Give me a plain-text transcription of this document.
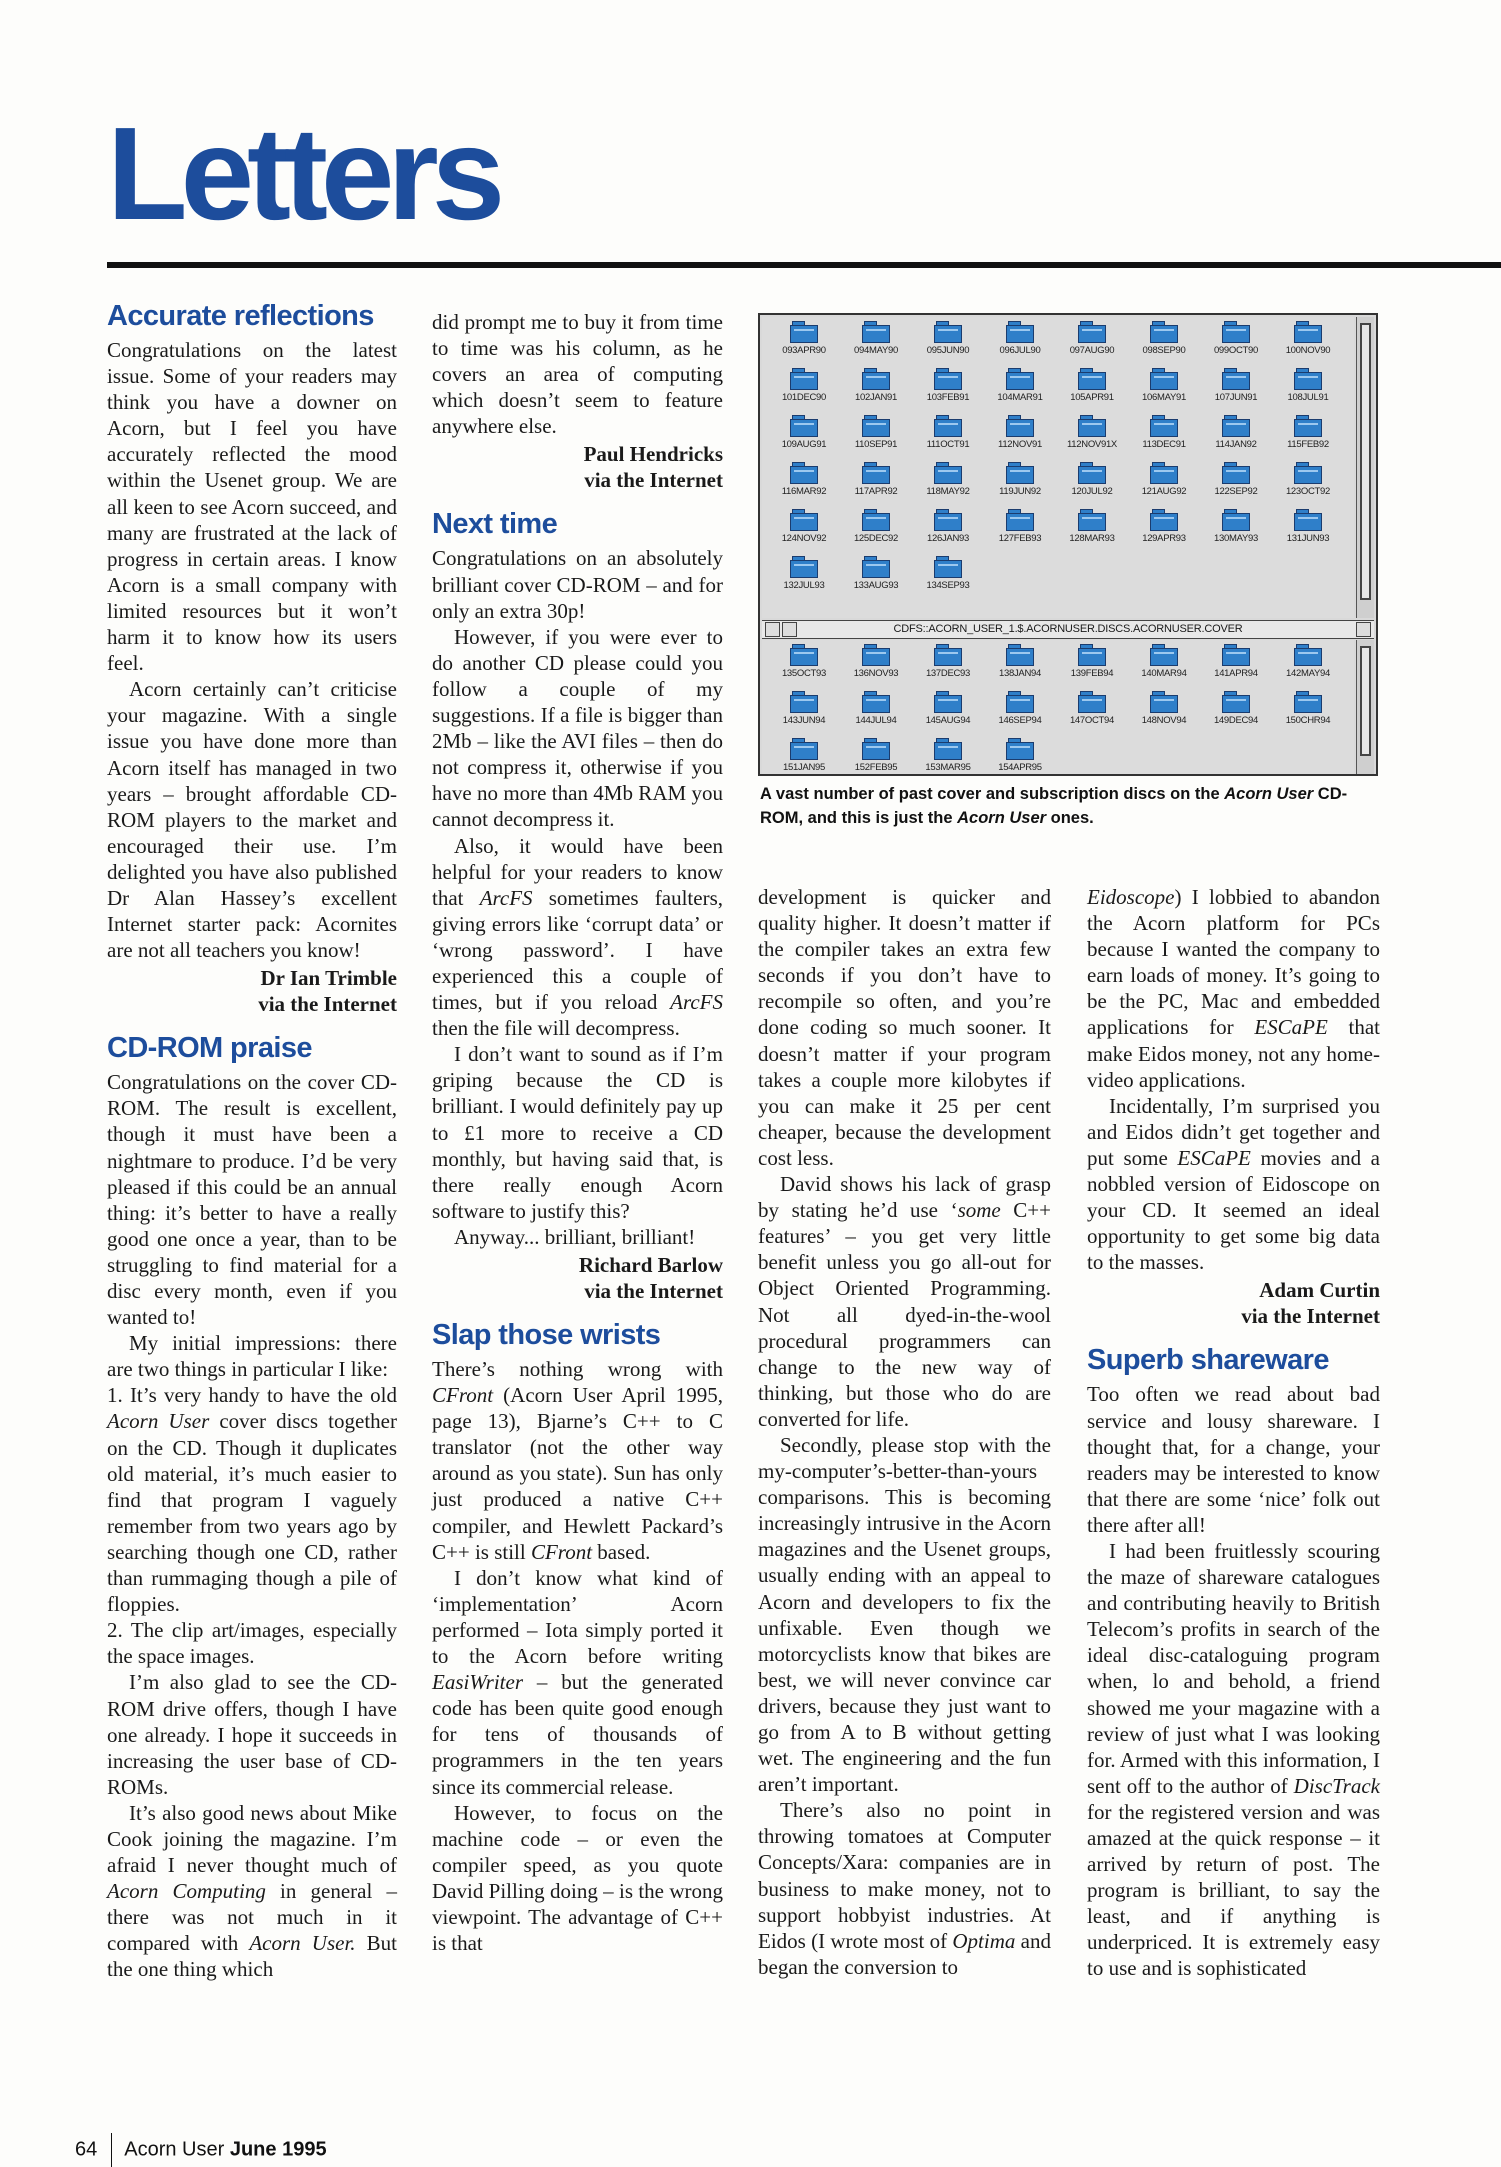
Letters
Accurate reflections

Congratulations on the latest issue. Some of your readers may think you have a downer on Acorn, but I feel you have accurately reflected the mood within the Usenet group. We are all keen to see Acorn succeed, and many are frustrated at the lack of progress in certain areas. I know Acorn is a small company with limited resources but it won’t harm it to know how its users feel.

Acorn certainly can’t criticise your magazine. With a single issue you have done more than Acorn itself has managed in two years – brought affordable CD-ROM players to the market and encouraged their use. I’m delighted you have also published Dr Alan Hassey’s excellent Internet starter pack: Acornites are not all teachers you know!

Dr Ian Trimble
via the Internet
CD-ROM praise

Congratulations on the cover CD-ROM. The result is excellent, though it must have been a nightmare to produce. I’d be very pleased if this could be an annual thing: it’s better to have a really good one once a year, than to be struggling to find material for a disc every month, even if you wanted to!

My initial impressions: there are two things in particular I like:

1. It’s very handy to have the old Acorn User cover discs together on the CD. Though it duplicates old material, it’s much easier to find that program I vaguely remember from two years ago by searching though one CD, rather than rummaging though a pile of floppies.

2. The clip art/images, especially the space images.

I’m also glad to see the CD-ROM drive offers, though I have one already. I hope it succeeds in increasing the user base of CD-ROMs.

It’s also good news about Mike Cook joining the magazine. I’m afraid I never thought much of Acorn Computing in general – there was not much in it compared with Acorn User. But the one thing which

did prompt me to buy it from time to time was his column, as he covers an area of computing which doesn’t seem to feature anywhere else.

Paul Hendricks
via the Internet
Next time

Congratulations on an absolutely brilliant cover CD-ROM – and for only an extra 30p!

However, if you were ever to do another CD please could you follow a couple of my suggestions. If a file is bigger than 2Mb – like the AVI files – then do not compress it, otherwise if you have no more than 4Mb RAM you cannot decompress it.

Also, it would have been helpful for your readers to know that ArcFS sometimes faulters, giving errors like ‘corrupt data’ or ‘wrong password’. I have experienced this a couple of times, but if you reload ArcFS then the file will decompress.

I don’t want to sound as if I’m griping because the CD is brilliant. I would definitely pay up to £1 more to receive a CD monthly, but having said that, is there really enough Acorn software to justify this?

Anyway... brilliant, brilliant!

Richard Barlow
via the Internet
Slap those wrists

There’s nothing wrong with CFront (Acorn User April 1995, page 13), Bjarne’s C++ to C translator (not the other way around as you state). Sun has only just produced a native C++ compiler, and Hewlett Packard’s C++ is still CFront based.

I don’t know what kind of ‘implementation’ Acorn performed – Iota simply ported it to the Acorn before writing EasiWriter – but the generated code has been quite good enough for tens of thousands of programmers in the ten years since its commercial release.

However, to focus on the machine code – or even the compiler speed, as you quote David Pilling doing – is the wrong viewpoint. The advantage of C++ is that

093APR90	094MAY90	095JUN90	096JUL90	097AUG90	098SEP90	099OCT90	100NOV90
101DEC90	102JAN91	103FEB91	104MAR91	105APR91	106MAY91	107JUN91	108JUL91
109AUG91	110SEP91	111OCT91	112NOV91	112NOV91X	113DEC91	114JAN92	115FEB92
116MAR92	117APR92	118MAY92	119JUN92	120JUL92	121AUG92	122SEP92	123OCT92
124NOV92	125DEC92	126JAN93	127FEB93	128MAR93	129APR93	130MAY93	131JUN93
132JUL93	133AUG93	134SEP93
CDFS::ACORN_USER_1.$.ACORNUSER.DISCS.ACORNUSER.COVER
135OCT93	136NOV93	137DEC93	138JAN94	139FEB94	140MAR94	141APR94	142MAY94
143JUN94	144JUL94	145AUG94	146SEP94	147OCT94	148NOV94	149DEC94	150CHR94
151JAN95	152FEB95	153MAR95	154APR95
A vast number of past cover and subscription discs on the Acorn User CD-ROM, and this is just the Acorn User ones.

development is quicker and quality higher. It doesn’t matter if the compiler takes an extra few seconds if you don’t have to recompile so often, and you’re done coding so much sooner. It doesn’t matter if your program takes a couple more kilobytes if you can make it 25 per cent cheaper, because the development cost less.

David shows his lack of grasp by stating he’d use ‘some C++ features’ – you get very little benefit unless you go all-out for Object Oriented Programming. Not all dyed-in-the-wool procedural programmers can change to the new way of thinking, but those who do are converted for life.

Secondly, please stop with the my-computer’s-better-than-yours comparisons. This is becoming increasingly intrusive in the Acorn magazines and the Usenet groups, usually ending with an appeal to Acorn and developers to fix the unfixable. Even though we motorcyclists know that bikes are best, we will never convince car drivers, because they just want to go from A to B without getting wet. The engineering and the fun aren’t important.

There’s also no point in throwing tomatoes at Computer Concepts/Xara: companies are in business to make money, not to support hobbyist industries. At Eidos (I wrote most of Optima and began the conversion to

Eidoscope) I lobbied to abandon the Acorn platform for PCs because I wanted the company to earn loads of money. It’s going to be the PC, Mac and embedded applications for ESCaPE that make Eidos money, not any home-video applications.

Incidentally, I’m surprised you and Eidos didn’t get together and put some ESCaPE movies and a nobbled version of Eidoscope on your CD. It seemed an ideal opportunity to get some big data to the masses.

Adam Curtin
via the Internet
Superb shareware

Too often we read about bad service and lousy shareware. I thought that, for a change, your readers may be interested to know that there are some ‘nice’ folk out there after all!

I had been fruitlessly scouring the maze of shareware catalogues and contributing heavily to British Telecom’s profits in search of the ideal disc-cataloguing program when, lo and behold, a friend showed me your magazine with a review of just what I was looking for. Armed with this information, I sent off to the author of DiscTrack for the registered version and was amazed at the quick response – it arrived by return of post. The program is brilliant, to say the least, and if anything is underpriced. It is extremely easy to use and is sophisticated

64 Acorn User June 1995
